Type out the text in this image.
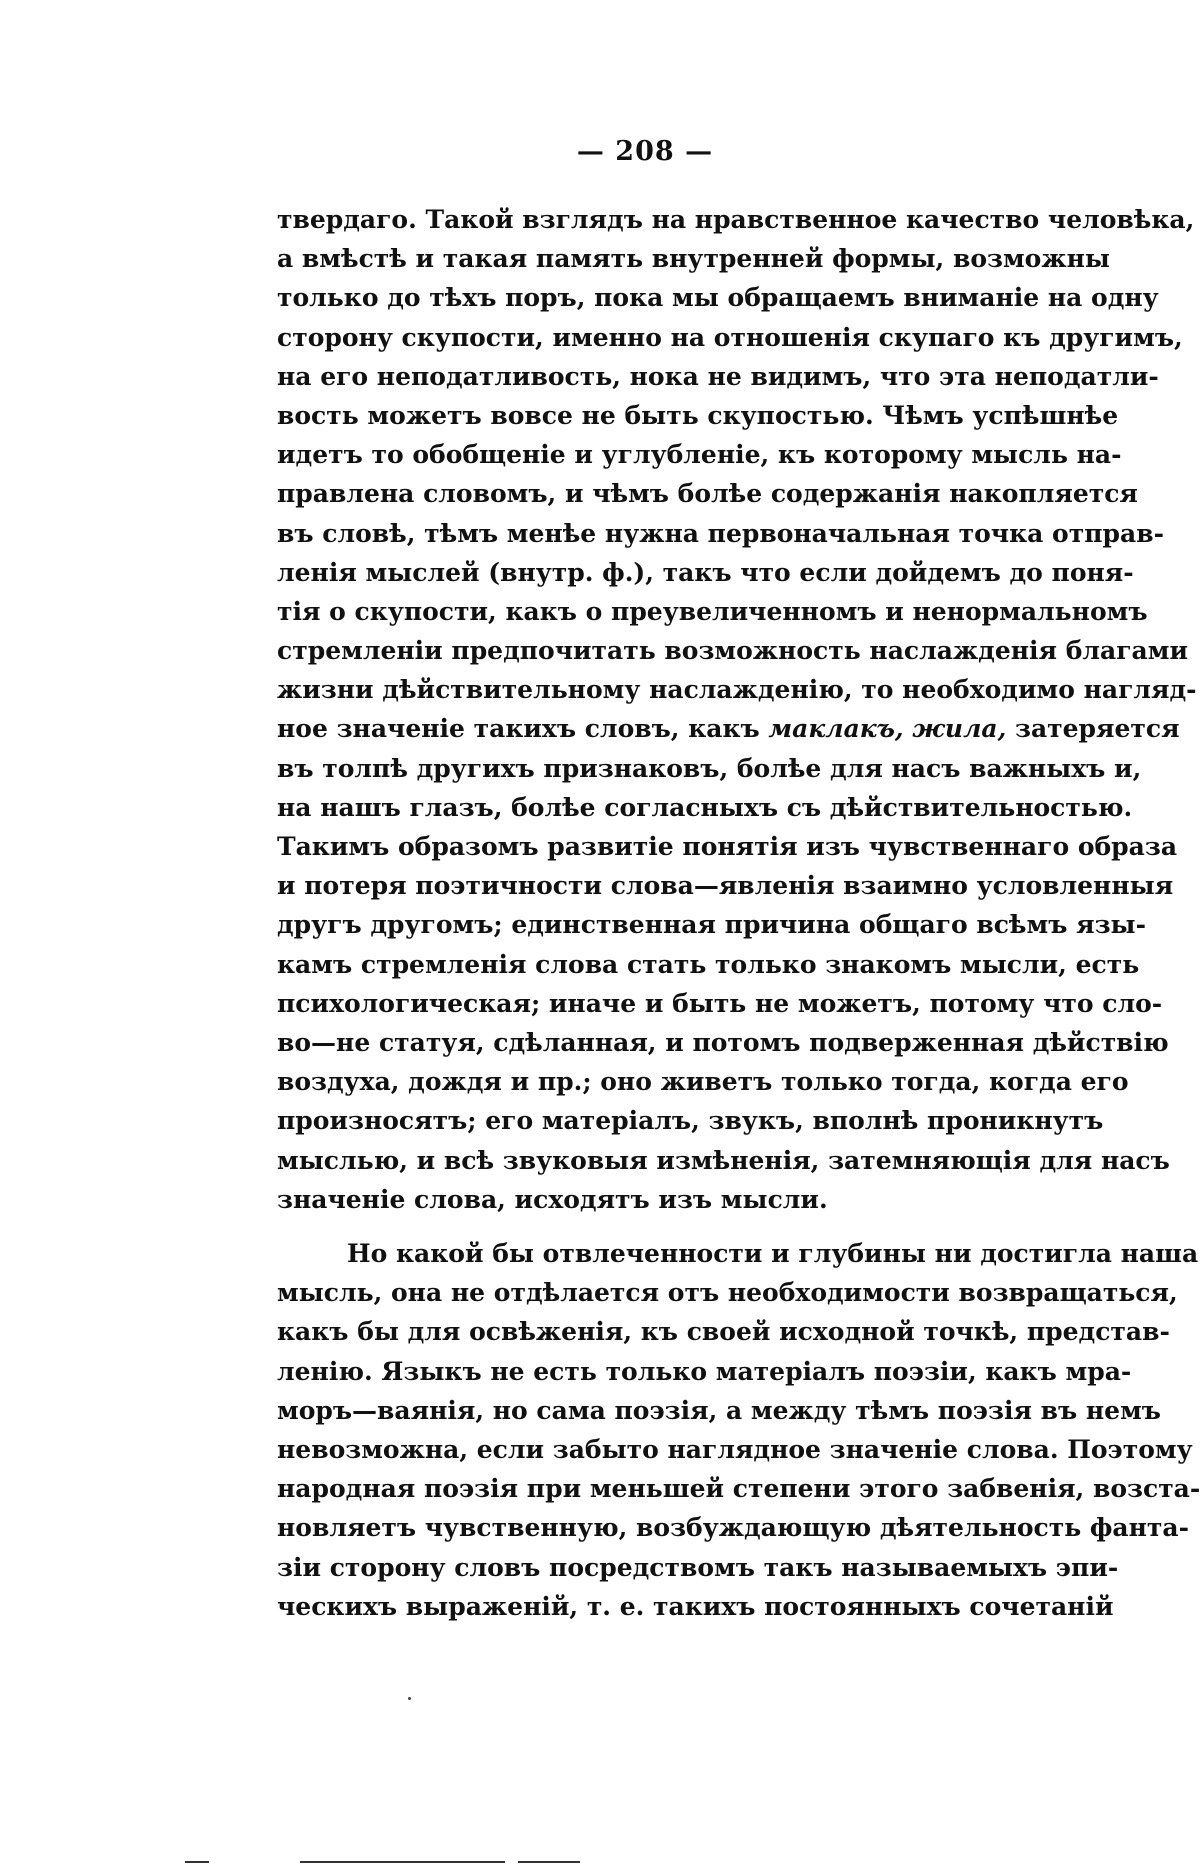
— 208 —
твердаго. Такой взглядъ на нравственное качество человѣка,
а вмѣстѣ и такая память внутренней формы, возможны
только до тѣхъ поръ, пока мы обращаемъ вниманіе на одну
сторону скупости, именно на отношенія скупаго къ другимъ,
на его неподатливость, нока не видимъ, что эта неподатли-
вость можетъ вовсе не быть скупостью. Чѣмъ успѣшнѣе
идетъ то обобщеніе и углубленіе, къ которому мысль на-
правлена словомъ, и чѣмъ болѣе содержанія накопляется
въ словѣ, тѣмъ менѣе нужна первоначальная точка отправ-
ленія мыслей (внутр. ф.), такъ что если дойдемъ до поня-
тія о скупости, какъ о преувеличенномъ и ненормальномъ
стремленіи предпочитать возможность наслажденія благами
жизни дѣйствительному наслажденію, то необходимо нагляд-
ное значеніе такихъ словъ, какъ маклакъ, жила, затеряется
въ толпѣ другихъ признаковъ, болѣе для насъ важныхъ и,
на нашъ глазъ, болѣе согласныхъ съ дѣйствительностью.
Такимъ образомъ развитіе понятія изъ чувственнаго образа
и потеря поэтичности слова—явленія взаимно условленныя
другъ другомъ; единственная причина общаго всѣмъ язы-
камъ стремленія слова стать только знакомъ мысли, есть
психологическая; иначе и быть не можетъ, потому что сло-
во—не статуя, сдѣланная, и потомъ подверженная дѣйствію
воздуха, дождя и пр.; оно живетъ только тогда, когда его
произносятъ; его матеріалъ, звукъ, вполнѣ проникнутъ
мыслью, и всѣ звуковыя измѣненія, затемняющія для насъ
значеніе слова, исходятъ изъ мысли.
Но какой бы отвлеченности и глубины ни достигла наша
мысль, она не отдѣлается отъ необходимости возвращаться,
какъ бы для освѣженія, къ своей исходной точкѣ, представ-
ленію. Языкъ не есть только матеріалъ поэзіи, какъ мра-
моръ—ваянія, но сама поэзія, а между тѣмъ поэзія въ немъ
невозможна, если забыто наглядное значеніе слова. Поэтому
народная поэзія при меньшей степени этого забвенія, возста-
новляетъ чувственную, возбуждающую дѣятельность фанта-
зіи сторону словъ посредствомъ такъ называемыхъ эпи-
ческихъ выраженій, т. е. такихъ постоянныхъ сочетаній
